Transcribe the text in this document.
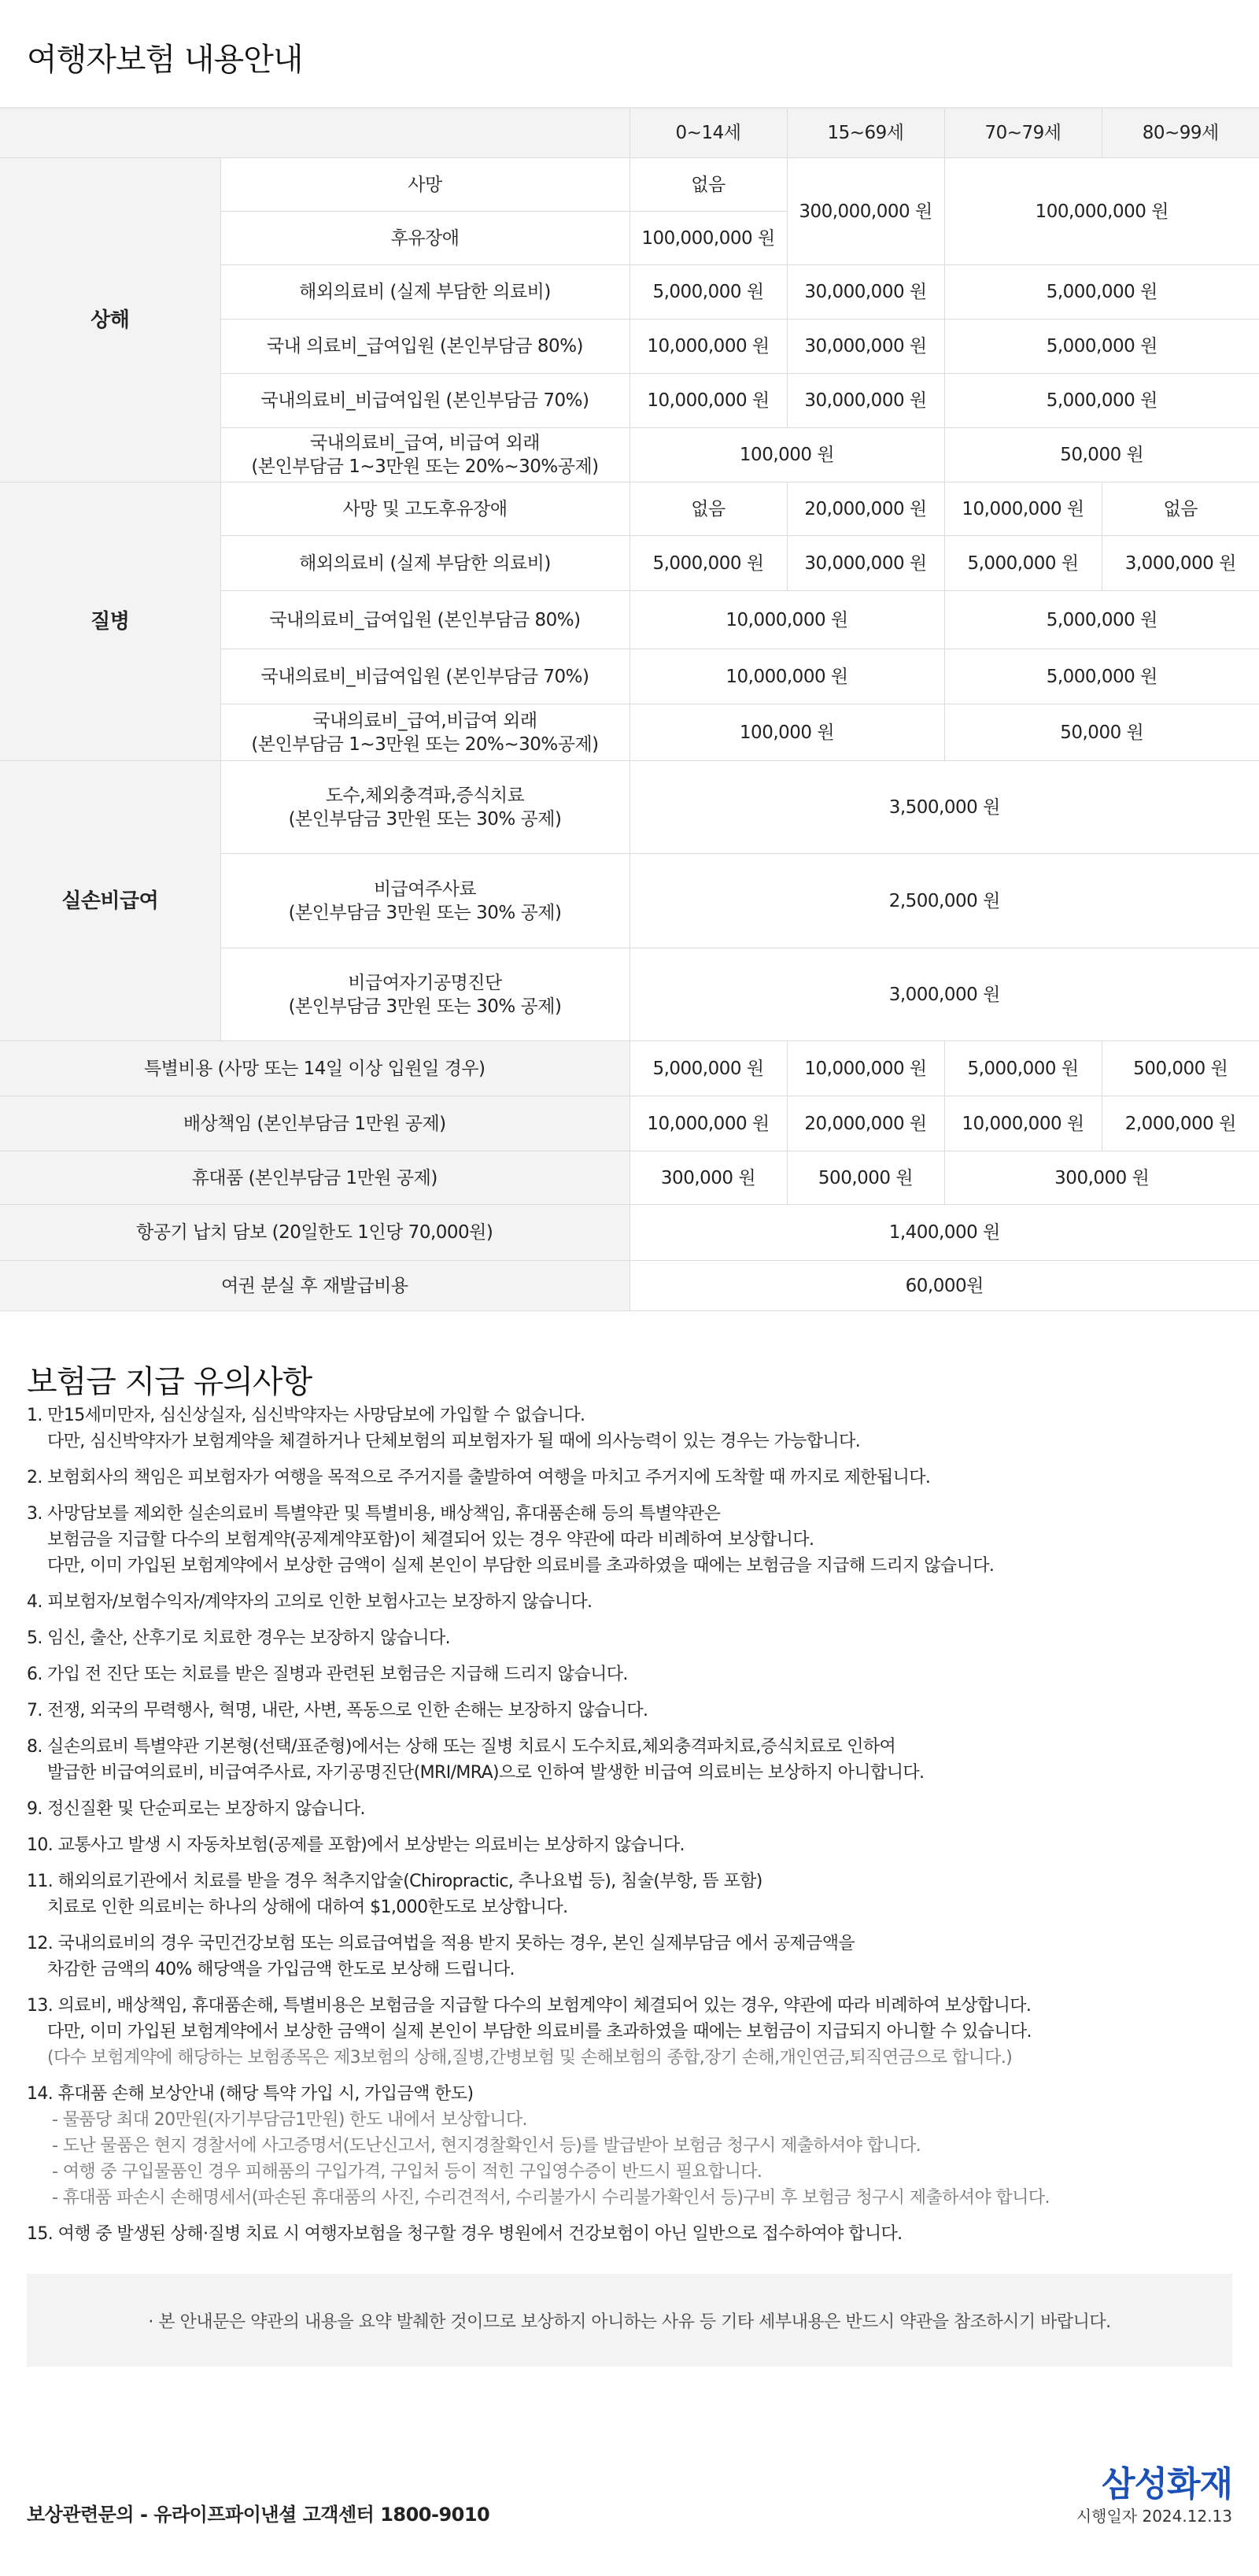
여행자보험 내용안내
		0~14세	15~69세	70~79세	80~99세
상해	사망	없음	300,000,000 원	100,000,000 원	
	후유장애	100,000,000 원			
	해외의료비 (실제 부담한 의료비)	5,000,000 원	30,000,000 원	5,000,000 원	
	국내 의료비_급여입원 (본인부담금 80%)	10,000,000 원	30,000,000 원	5,000,000 원	
	국내의료비_비급여입원 (본인부담금 70%)	10,000,000 원	30,000,000 원	5,000,000 원	
	국내의료비_급여, 비급여 외래
(본인부담금 1~3만원 또는 20%~30%공제)	100,000 원		50,000 원	
질병	사망 및 고도후유장애	없음	20,000,000 원	10,000,000 원	없음
	해외의료비 (실제 부담한 의료비)	5,000,000 원	30,000,000 원	5,000,000 원	3,000,000 원
	국내의료비_급여입원 (본인부담금 80%)	10,000,000 원		5,000,000 원	
	국내의료비_비급여입원 (본인부담금 70%)	10,000,000 원		5,000,000 원	
	국내의료비_급여,비급여 외래
(본인부담금 1~3만원 또는 20%~30%공제)	100,000 원		50,000 원	
실손비급여	도수,체외충격파,증식치료
(본인부담금 3만원 또는 30% 공제)	3,500,000 원			
	비급여주사료
(본인부담금 3만원 또는 30% 공제)	2,500,000 원			
	비급여자기공명진단
(본인부담금 3만원 또는 30% 공제)	3,000,000 원			
특별비용 (사망 또는 14일 이상 입원일 경우)		5,000,000 원	10,000,000 원	5,000,000 원	500,000 원
배상책임 (본인부담금 1만원 공제)		10,000,000 원	20,000,000 원	10,000,000 원	2,000,000 원
휴대품 (본인부담금 1만원 공제)		300,000 원	500,000 원	300,000 원	
항공기 납치 담보 (20일한도 1인당 70,000원)		1,400,000 원			
여권 분실 후 재발급비용		60,000원			
보험금 지급 유의사항
1. 만15세미만자, 심신상실자, 심신박약자는 사망담보에 가입할 수 없습니다.
다만, 심신박약자가 보험계약을 체결하거나 단체보험의 피보험자가 될 때에 의사능력이 있는 경우는 가능합니다.
2. 보험회사의 책임은 피보험자가 여행을 목적으로 주거지를 출발하여 여행을 마치고 주거지에 도착할 때 까지로 제한됩니다.
3. 사망담보를 제외한 실손의료비 특별약관 및 특별비용, 배상책임, 휴대품손해 등의 특별약관은
보험금을 지급할 다수의 보험계약(공제계약포함)이 체결되어 있는 경우 약관에 따라 비례하여 보상합니다.
다만, 이미 가입된 보험계약에서 보상한 금액이 실제 본인이 부담한 의료비를 초과하였을 때에는 보험금을 지급해 드리지 않습니다.
4. 피보험자/보험수익자/계약자의 고의로 인한 보험사고는 보장하지 않습니다.
5. 임신, 출산, 산후기로 치료한 경우는 보장하지 않습니다.
6. 가입 전 진단 또는 치료를 받은 질병과 관련된 보험금은 지급해 드리지 않습니다.
7. 전쟁, 외국의 무력행사, 혁명, 내란, 사변, 폭동으로 인한 손해는 보장하지 않습니다.
8. 실손의료비 특별약관 기본형(선택/표준형)에서는 상해 또는 질병 치료시 도수치료,체외충격파치료,증식치료로 인하여
발급한 비급여의료비, 비급여주사료, 자기공명진단(MRI/MRA)으로 인하여 발생한 비급여 의료비는 보상하지 아니합니다.
9. 정신질환 및 단순피로는 보장하지 않습니다.
10. 교통사고 발생 시 자동차보험(공제를 포함)에서 보상받는 의료비는 보상하지 않습니다.
11. 해외의료기관에서 치료를 받을 경우 척추지압술(Chiropractic, 추나요법 등), 침술(부항, 뜸 포함)
치료로 인한 의료비는 하나의 상해에 대하여 $1,000한도로 보상합니다.
12. 국내의료비의 경우 국민건강보험 또는 의료급여법을 적용 받지 못하는 경우, 본인 실제부담금 에서 공제금액을
차감한 금액의 40% 해당액을 가입금액 한도로 보상해 드립니다.
13. 의료비, 배상책임, 휴대품손해, 특별비용은 보험금을 지급할 다수의 보험계약이 체결되어 있는 경우, 약관에 따라 비례하여 보상합니다.
다만, 이미 가입된 보험계약에서 보상한 금액이 실제 본인이 부담한 의료비를 초과하였을 때에는 보험금이 지급되지 아니할 수 있습니다.
(다수 보험계약에 해당하는 보험종목은 제3보험의 상해,질병,간병보험 및 손해보험의 종합,장기 손해,개인연금,퇴직연금으로 합니다.)
14. 휴대품 손해 보상안내 (해당 특약 가입 시, 가입금액 한도)
- 물품당 최대 20만원(자기부담금1만원) 한도 내에서 보상합니다.
- 도난 물품은 현지 경찰서에 사고증명서(도난신고서, 현지경찰확인서 등)를 발급받아 보험금 청구시 제출하셔야 합니다.
- 여행 중 구입물품인 경우 피해품의 구입가격, 구입처 등이 적힌 구입영수증이 반드시 필요합니다.
- 휴대품 파손시 손해명세서(파손된 휴대품의 사진, 수리견적서, 수리불가시 수리불가확인서 등)구비 후 보험금 청구시 제출하셔야 합니다.
15. 여행 중 발생된 상해·질병 치료 시 여행자보험을 청구할 경우 병원에서 건강보험이 아닌 일반으로 접수하여야 합니다.
· 본 안내문은 약관의 내용을 요약 발췌한 것이므로 보상하지 아니하는 사유 등 기타 세부내용은 반드시 약관을 참조하시기 바랍니다.
보상관련문의 - 유라이프파이낸셜 고객센터 1800-9010
삼성화재
시행일자 2024.12.13
